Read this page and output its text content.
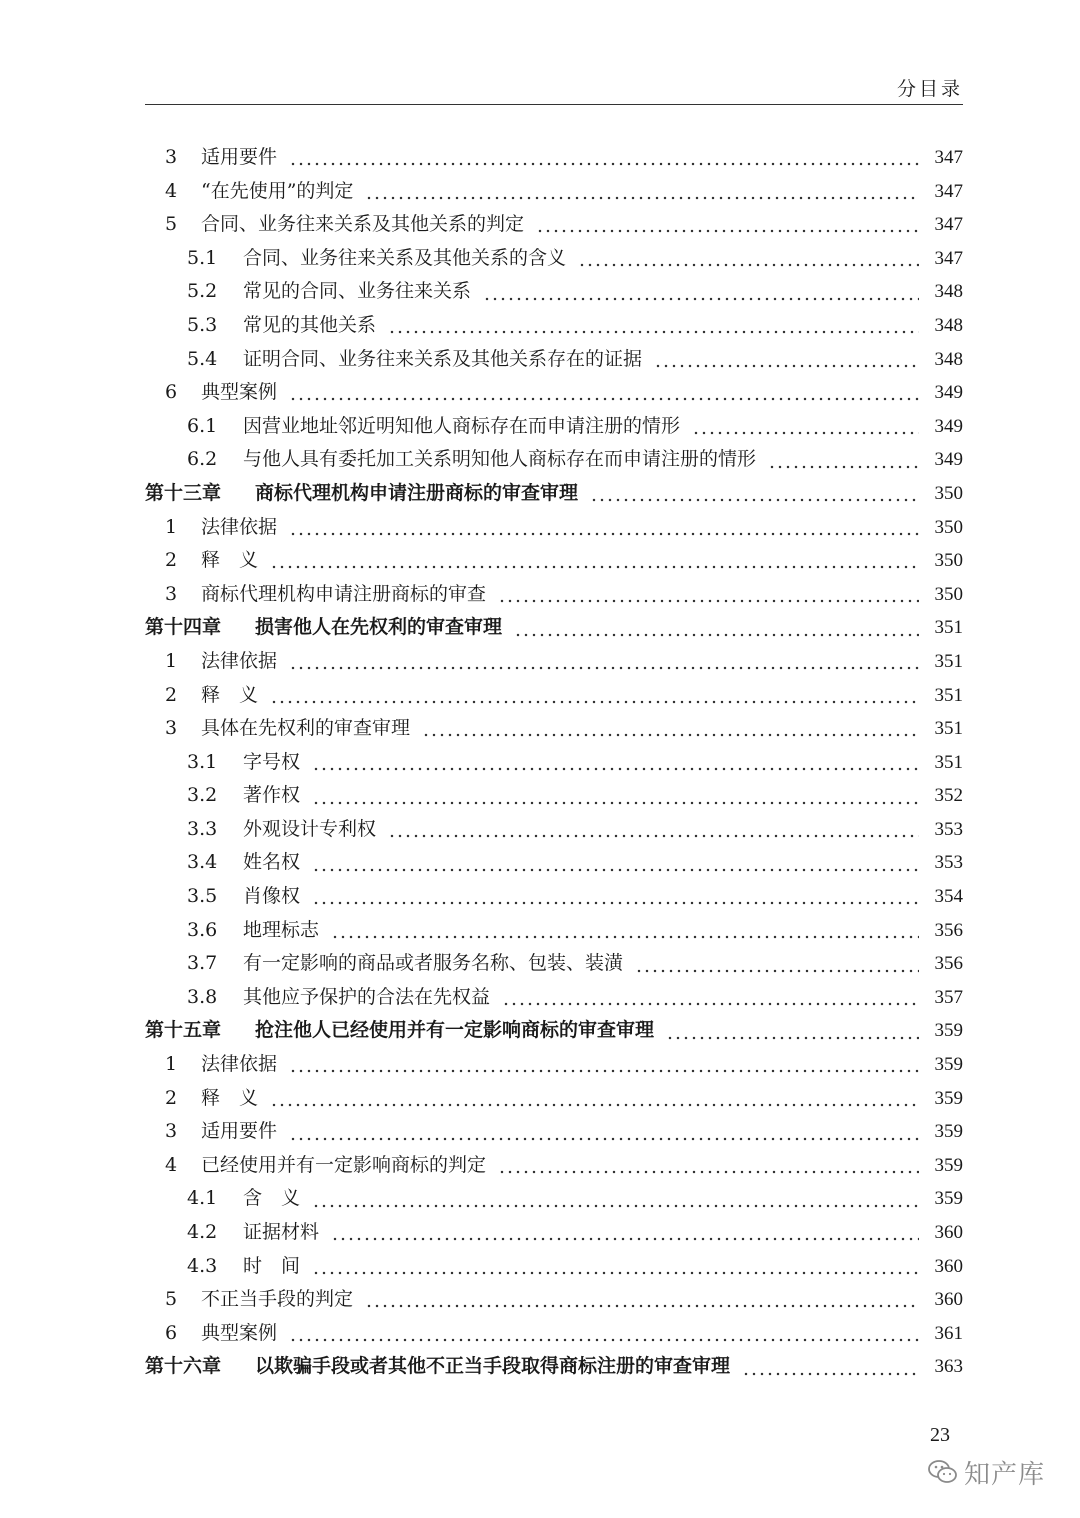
分目录
3	适用要件	347
4	“在先使用”的判定	347
5	合同、业务往来关系及其他关系的判定	347
5.1	合同、业务往来关系及其他关系的含义	347
5.2	常见的合同、业务往来关系	348
5.3	常见的其他关系	348
5.4	证明合同、业务往来关系及其他关系存在的证据	348
6	典型案例	349
6.1	因营业地址邻近明知他人商标存在而申请注册的情形	349
6.2	与他人具有委托加工关系明知他人商标存在而申请注册的情形	349
第十三章	商标代理机构申请注册商标的审查审理	350
1	法律依据	350
2	释　义	350
3	商标代理机构申请注册商标的审查	350
第十四章	损害他人在先权利的审查审理	351
1	法律依据	351
2	释　义	351
3	具体在先权利的审查审理	351
3.1	字号权	351
3.2	著作权	352
3.3	外观设计专利权	353
3.4	姓名权	353
3.5	肖像权	354
3.6	地理标志	356
3.7	有一定影响的商品或者服务名称、包装、装潢	356
3.8	其他应予保护的合法在先权益	357
第十五章	抢注他人已经使用并有一定影响商标的审查审理	359
1	法律依据	359
2	释　义	359
3	适用要件	359
4	已经使用并有一定影响商标的判定	359
4.1	含　义	359
4.2	证据材料	360
4.3	时　间	360
5	不正当手段的判定	360
6	典型案例	361
第十六章	以欺骗手段或者其他不正当手段取得商标注册的审查审理	363
23
知产库
